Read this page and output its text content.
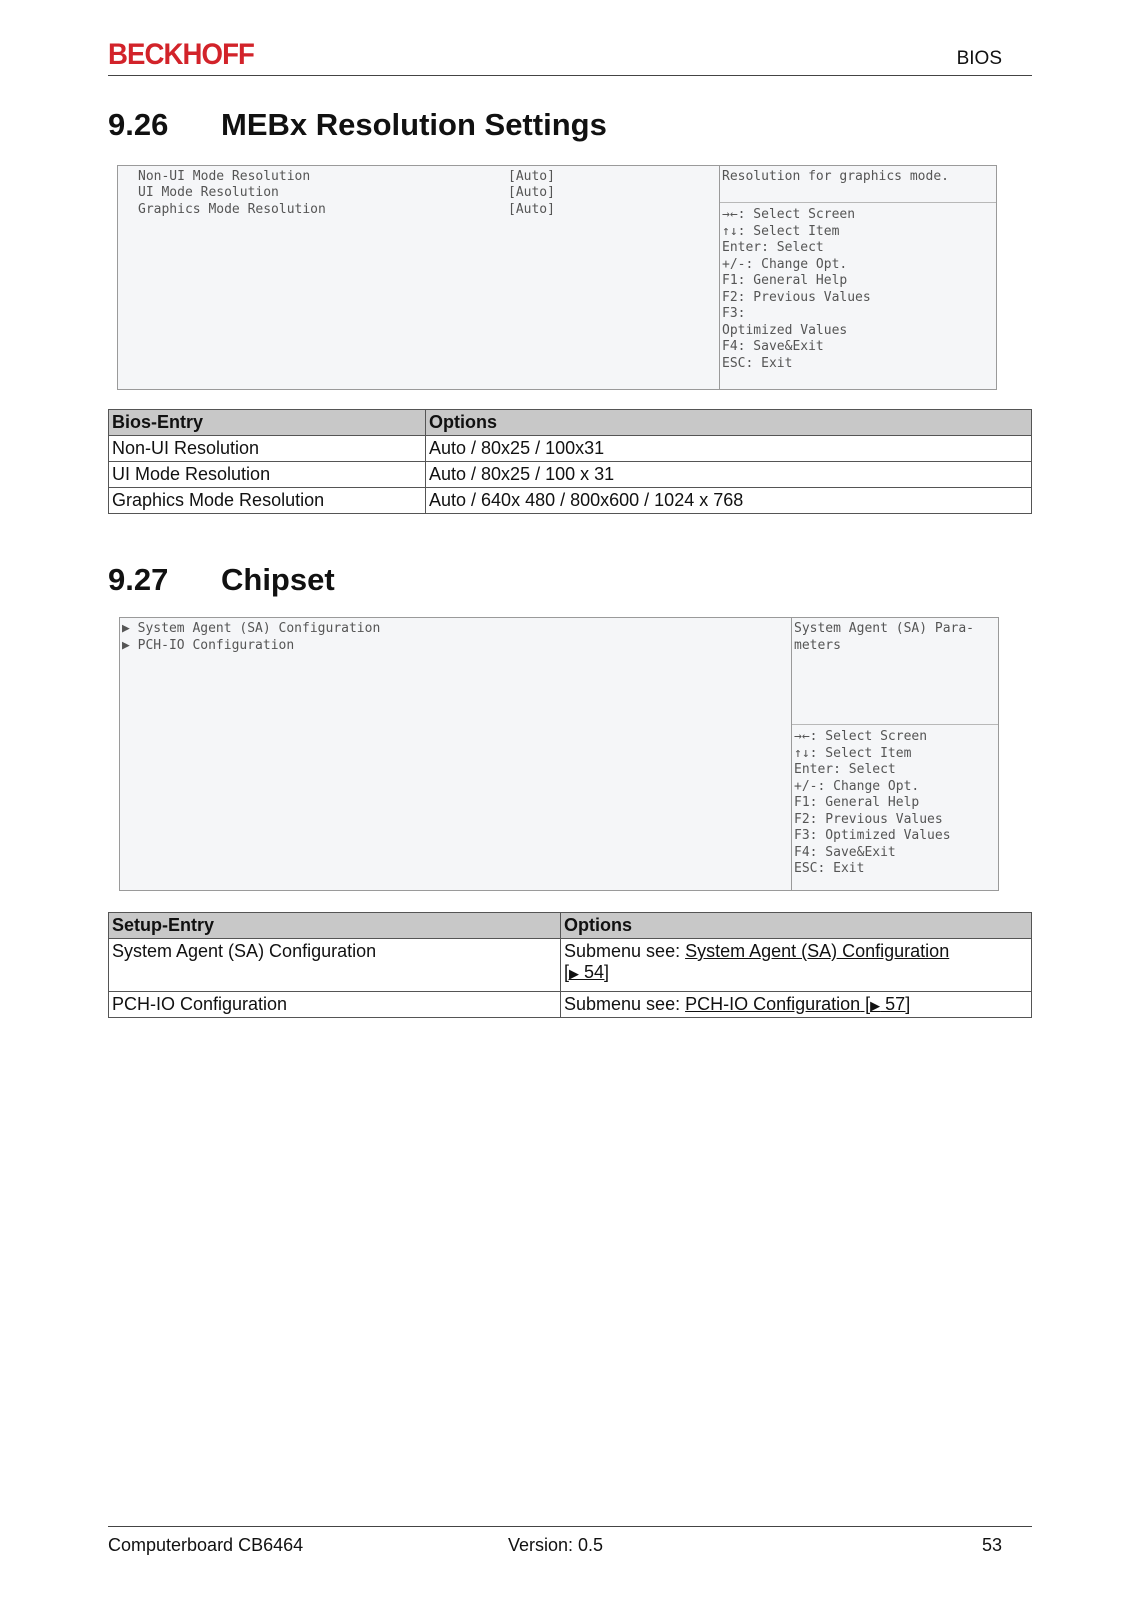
BECKHOFF	BIOS
9.26 MEBx Resolution Settings
Non-UI Mode Resolution	[Auto]
UI Mode Resolution	[Auto]
Graphics Mode Resolution	[Auto]
Resolution for graphics mode.
→←: Select Screen
↑↓: Select Item
Enter: Select
+/-: Change Opt.
F1: General Help
F2: Previous Values
F3:
Optimized Values
F4: Save&Exit
ESC: Exit
Bios-Entry	Options
Non-UI Resolution	Auto / 80x25 / 100x31
UI Mode Resolution	Auto / 80x25 / 100 x 31
Graphics Mode Resolution	Auto / 640x 480 / 800x600 / 1024 x 768
9.27 Chipset
▶ System Agent (SA) Configuration
▶ PCH-IO Configuration
System Agent (SA) Para-
meters
→←: Select Screen
↑↓: Select Item
Enter: Select
+/-: Change Opt.
F1: General Help
F2: Previous Values
F3: Optimized Values
F4: Save&Exit
ESC: Exit
Setup-Entry	Options
System Agent (SA) Configuration	Submenu see: System Agent (SA) Configuration
[▶ 54]
PCH-IO Configuration	Submenu see: PCH-IO Configuration [▶ 57]
Computerboard CB6464	Version: 0.5	53
